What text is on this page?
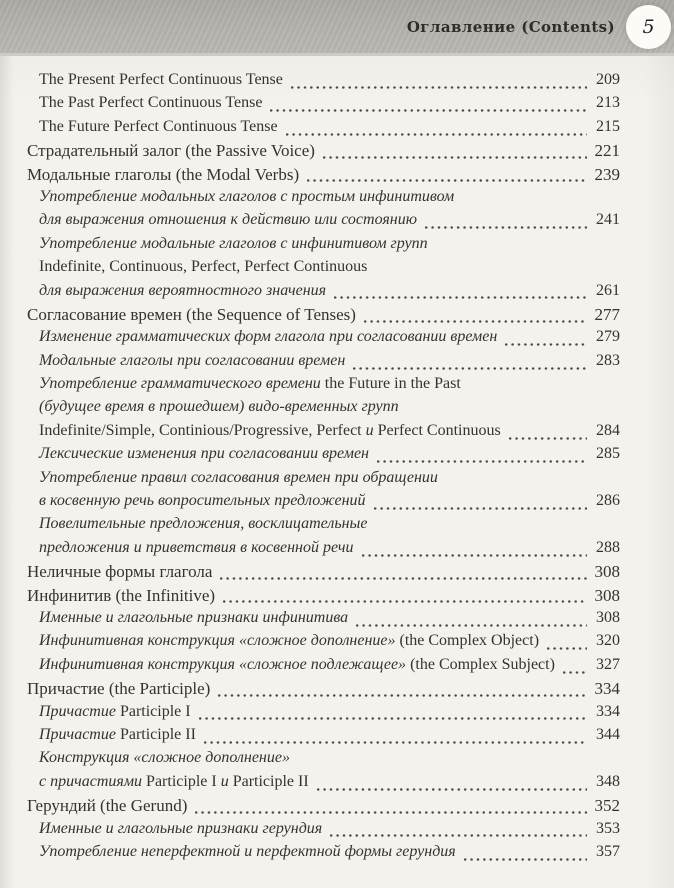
Оглавление (Contents) 5
The Present Perfect Continuous Tense	209
The Past Perfect Continuous Tense	213
The Future Perfect Continuous Tense	215
Страдательный залог (the Passive Voice)	221
Модальные глаголы (the Modal Verbs)	239
Употребление модальных глаголов с простым инфинитивом
для выражения отношения к действию или состоянию	241
Употребление модальные глаголов с инфинитивом групп
Indefinite, Continuous, Perfect, Perfect Continuous
для выражения вероятностного значения	261
Согласование времен (the Sequence of Tenses)	277
Изменение грамматических форм глагола при согласовании времен	279
Модальные глаголы при согласовании времен	283
Употребление грамматического времени the Future in the Past
(будущее время в прошедшем) видо-временных групп
Indefinite/Simple, Continious/Progressive, Perfect и Perfect Continuous	284
Лексические изменения при согласовании времен	285
Употребление правил согласования времен при обращении
в косвенную речь вопросительных предложений	286
Повелительные предложения, восклицательные
предложения и приветствия в косвенной речи	288
Неличные формы глагола	308
Инфинитив (the Infinitive)	308
Именные и глагольные признаки инфинитива	308
Инфинитивная конструкция «сложное дополнение» (the Complex Object)	320
Инфинитивная конструкция «сложное подлежащее» (the Complex Subject)	327
Причастие (the Participle)	334
Причастие Participle I	334
Причастие Participle II	344
Конструкция «сложное дополнение»
с причастиями Participle I и Participle II	348
Герундий (the Gerund)	352
Именные и глагольные признаки герундия	353
Употребление неперфектной и перфектной формы герундия	357
